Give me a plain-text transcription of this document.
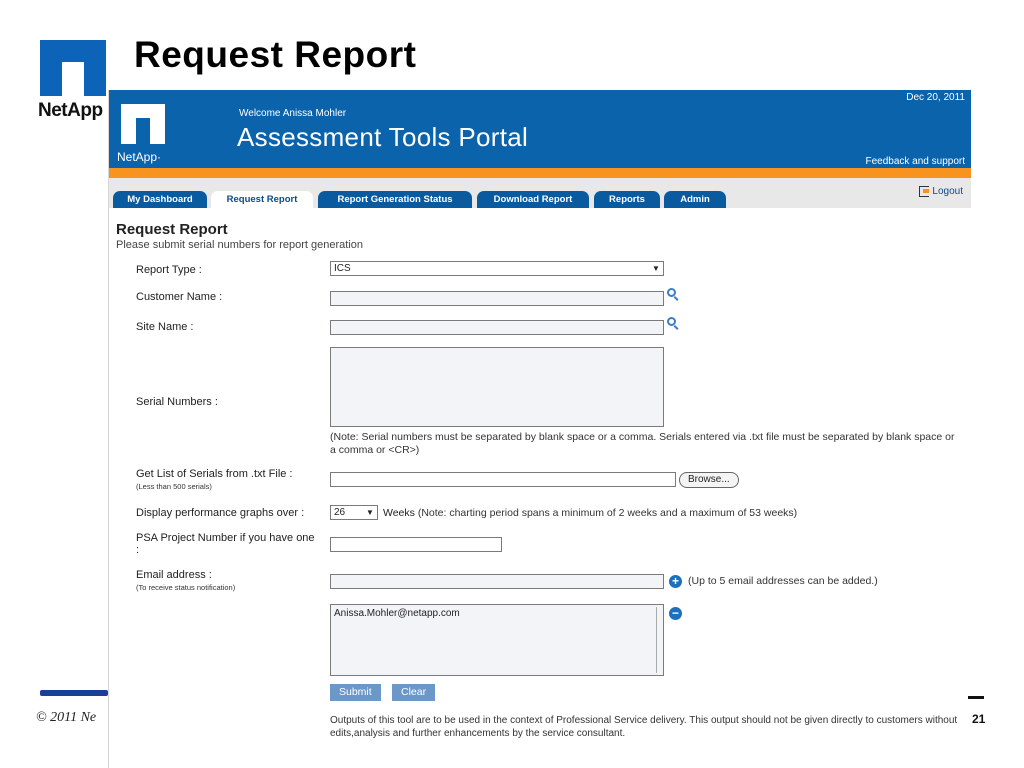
NetApp
Request Report
NetApp·
Welcome Anissa Mohler
Assessment Tools Portal
Dec 20, 2011
Feedback and support
My Dashboard	Request Report	Report Generation Status	Download Report	Reports	Admin
Logout
Request Report
Please submit serial numbers for report generation
Report Type :	ICS	▼
Customer Name :
Site Name :
Serial Numbers :
(Note: Serial numbers must be separated by blank space or a comma. Serials entered via .txt file must be separated by blank space or a comma or <CR>)
Get List of Serials from .txt File :
(Less than 500 serials)
Browse...
Display performance graphs over :	26	▼ Weeks (Note: charting period spans a minimum of 2 weeks and a maximum of 53 weeks)
PSA Project Number if you have one :
Email address :
(To receive status notification)	+ (Up to 5 email addresses can be added.)
Anissa.Mohler@netapp.com	−
Submit	Clear
Outputs of this tool are to be used in the context of Professional Service delivery. This output should not be given directly to customers without edits,analysis and further enhancements by the service consultant.
© 2011 Ne	21
